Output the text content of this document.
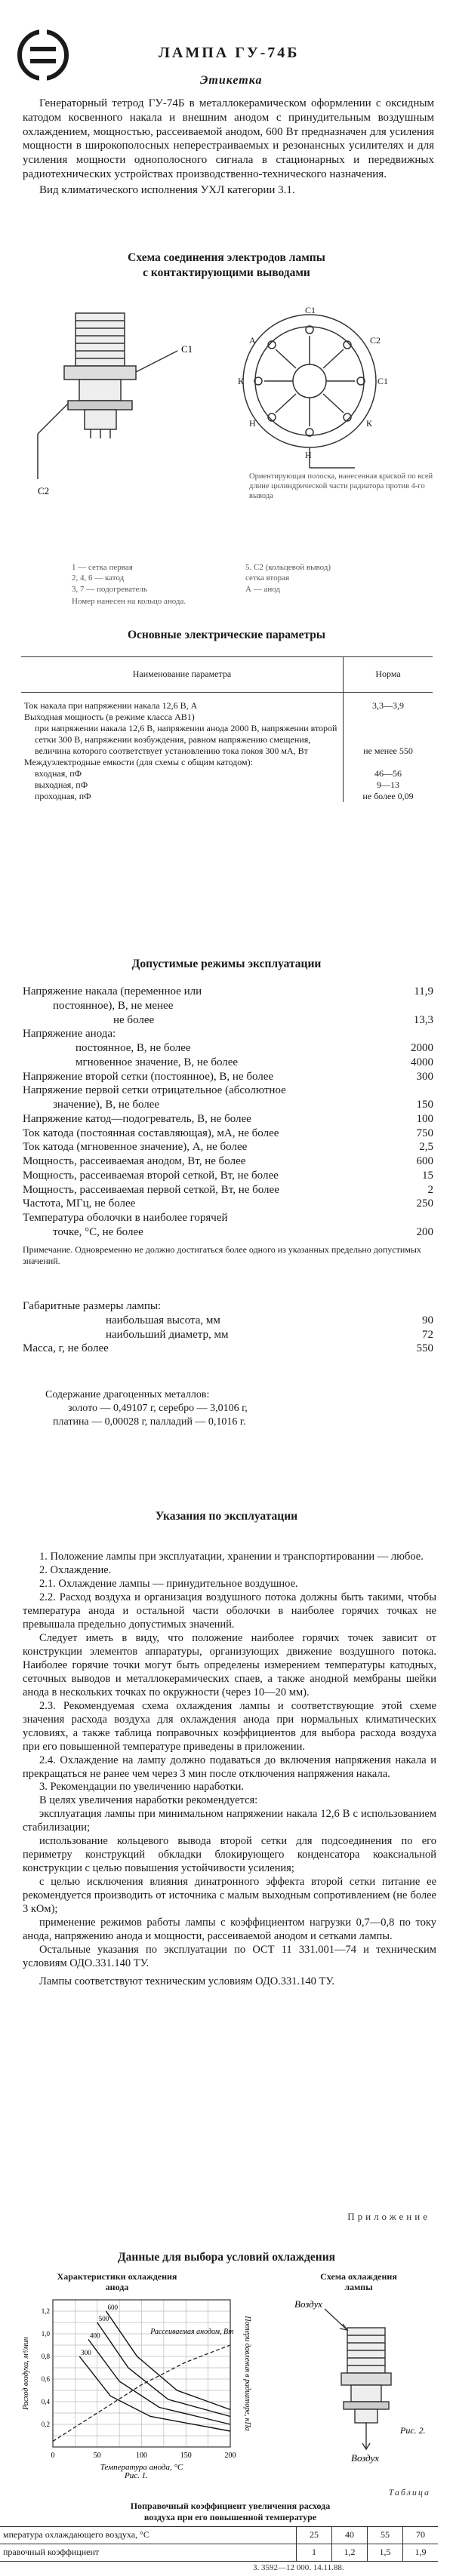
ЛАМПА ГУ-74Б
Этикетка

Генераторный тетрод ГУ-74Б в металлокерамическом оформлении с оксидным катодом косвенного накала и внешним анодом с принудительным воздушным охлаждением, мощностью, рассеиваемой анодом, 600 Вт предназначен для усиления мощности в широкополосных неперестраиваемых и резонансных усилителях и для усиления мощности однополосного сигнала в стационарных и передвижных радиотехнических устройствах производственно-технического назначения.

Вид климатического исполнения УХЛ категории 3.1.

Схема соединения электродов лампы
с контактирующими выводами
С1
С2
С2
С1
К
Н
Н
К
А
С1
Ориентирующая полоска, нанесенная краской по всей длине цилиндрической части радиатора против 4-го вывода
1 — сетка первая	5. С2 (кольцевой вывод)
2, 4, 6 — катод	сетка вторая
3, 7 — подогреватель	А — анод
Номер нанесен на кольцо анода.
Основные электрические параметры
Наименование параметра	Норма
Ток накала при напряжении накала 12,6 В, А	3,3—3,9
Выходная мощность (в режиме класса АВ1)	
при напряжении накала 12,6 В, напряжении анода 2000 В, напряжении второй сетки 300 В, напряжении возбуждения, равном напряжению смещения, величина которого соответствует установлению тока покоя 300 мА, Вт	не менее 550
Междуэлектродные емкости (для схемы с общим катодом):	
входная, пФ	46—56
выходная, пФ	9—13
проходная, пФ	не более 0,09
Допустимые режимы эксплуатации
Напряжение накала (переменное или	11,9
постоянное), В, не менее
не более	13,3
Напряжение анода:
постоянное, В, не более	2000
мгновенное значение, В, не более	4000
Напряжение второй сетки (постоянное), В, не более	300
Напряжение первой сетки отрицательное (абсолютное
значение), В, не более	150
Напряжение катод—подогреватель, В, не более	100
Ток катода (постоянная составляющая), мА, не более	750
Ток катода (мгновенное значение), А, не более	2,5
Мощность, рассеиваемая анодом, Вт, не более	600
Мощность, рассеиваемая второй сеткой, Вт, не более	15
Мощность, рассеиваемая первой сеткой, Вт, не более	2
Частота, МГц, не более	250
Температура оболочки в наиболее горячей
точке, °С, не более	200
Примечание. Одновременно не должно достигаться более одного из указанных предельно допустимых значений.
Габаритные размеры лампы:
наибольшая высота, мм	90
наибольший диаметр, мм	72
Масса, г, не более	550
Содержание драгоценных металлов:
золото — 0,49107 г, серебро — 3,0106 г,
платина — 0,00028 г, палладий — 0,1016 г.
Указания по эксплуатации

1. Положение лампы при эксплуатации, хранении и транспортировании — любое.

2. Охлаждение.

2.1. Охлаждение лампы — принудительное воздушное.

2.2. Расход воздуха и организация воздушного потока должны быть такими, чтобы температура анода и остальной части оболочки в наиболее горячих точках не превышала предельно допустимых значений.

Следует иметь в виду, что положение наиболее горячих точек зависит от конструкции элементов аппаратуры, организующих движение воздушного потока. Наиболее горячие точки могут быть определены измерением температуры катодных, сеточных выводов и металлокерамических спаев, а также анодной мембраны шейки анода в нескольких точках по окружности (через 10—20 мм).

2.3. Рекомендуемая схема охлаждения лампы и соответствующие этой схеме значения расхода воздуха для охлаждения анода при нормальных климатических условиях, а также таблица поправочных коэффициентов для выбора расхода воздуха при его повышенной температуре приведены в приложении.

2.4. Охлаждение на лампу должно подаваться до включения напряжения накала и прекращаться не ранее чем через 3 мин после отключения напряжения накала.

3. Рекомендации по увеличению наработки.

В целях увеличения наработки рекомендуется:

эксплуатация лампы при минимальном напряжении накала 12,6 В с использованием стабилизации;

использование кольцевого вывода второй сетки для подсоединения по его периметру конструкций обкладки блокирующего конденсатора коаксиальной конструкции с целью повышения устойчивости усиления;

с целью исключения влияния динатронного эффекта второй сетки питание ее рекомендуется производить от источника с малым выходным сопротивлением (не более 3 кОм);

применение режимов работы лампы с коэффициентом нагрузки 0,7—0,8 по току анода, напряжению анода и мощности, рассеиваемой анодом и сетками лампы.

Остальные указания по эксплуатации по ОСТ 11 331.001—74 и техническим условиям ОДО.331.140 ТУ.

Лампы соответствуют техническим условиям ОДО.331.140 ТУ.

Приложение
Данные для выбора условий охлаждения
Характеристики охлаждения
анода
Схема охлаждения
лампы
0	50	100	150	200
0,2
0,4
0,6
0,8
1,0
1,2	600
500
400
300
Рассеиваемая анодом, Вт
Температура анода, °С
Расход воздуха, м³/мин	Потери давления в радиаторе, кПа
Рис. 1.
Воздух
Воздух
Рис. 2.
Таблица
Поправочный коэффициент увеличения расхода
воздуха при его повышенной температуре
мпература охлаждающего воздуха, °С	25	40	55	70
правочный коэффициент	1	1,2	1,5	1,9
3. 3592—12 000. 14.11.88.
